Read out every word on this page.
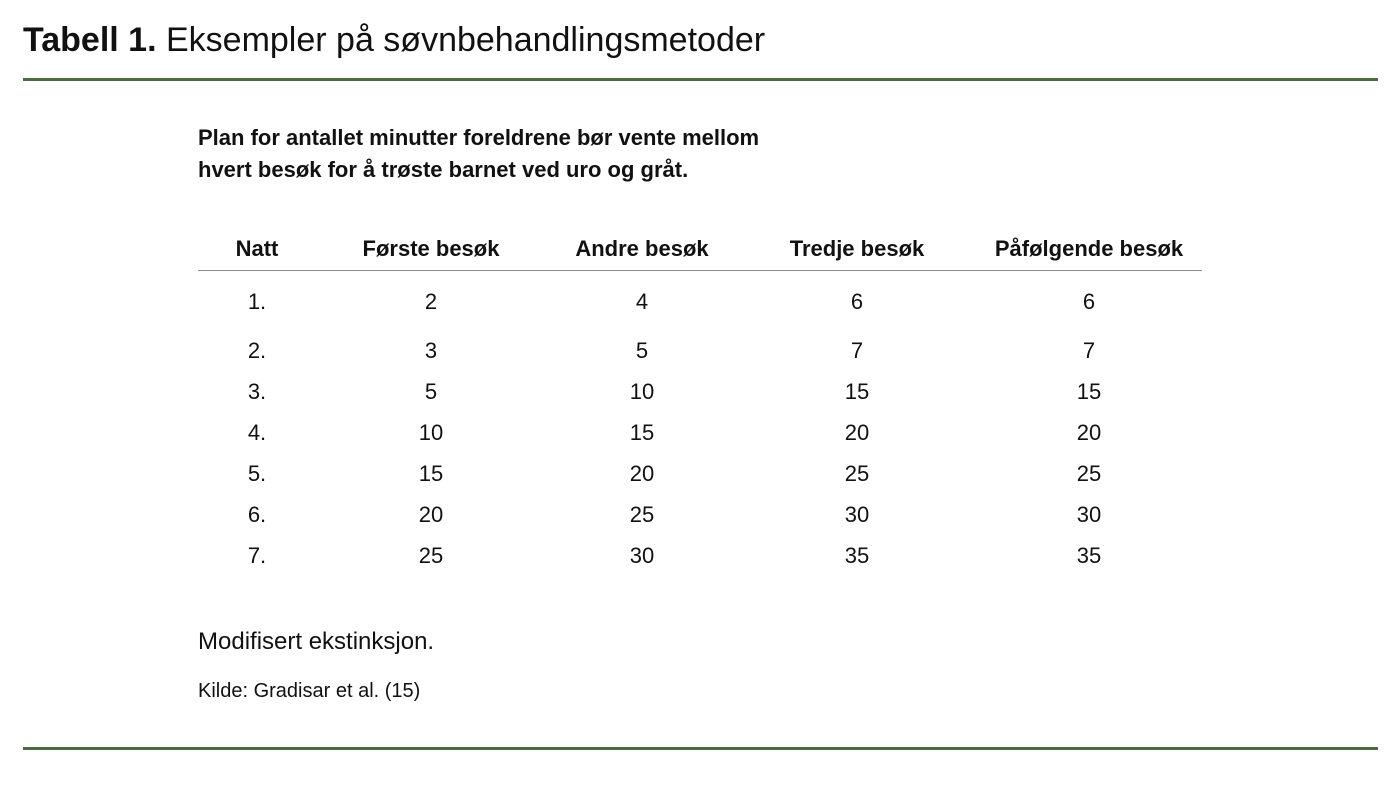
Tabell 1. Eksempler på søvnbehandlingsmetoder
Plan for antallet minutter foreldrene bør vente mellom
hvert besøk for å trøste barnet ved uro og gråt.
Natt	Første besøk	Andre besøk	Tredje besøk	Påfølgende besøk
1.	2	4	6	6
2.	3	5	7	7
3.	5	10	15	15
4.	10	15	20	20
5.	15	20	25	25
6.	20	25	30	30
7.	25	30	35	35
Modifisert ekstinksjon.
Kilde: Gradisar et al. (15)
